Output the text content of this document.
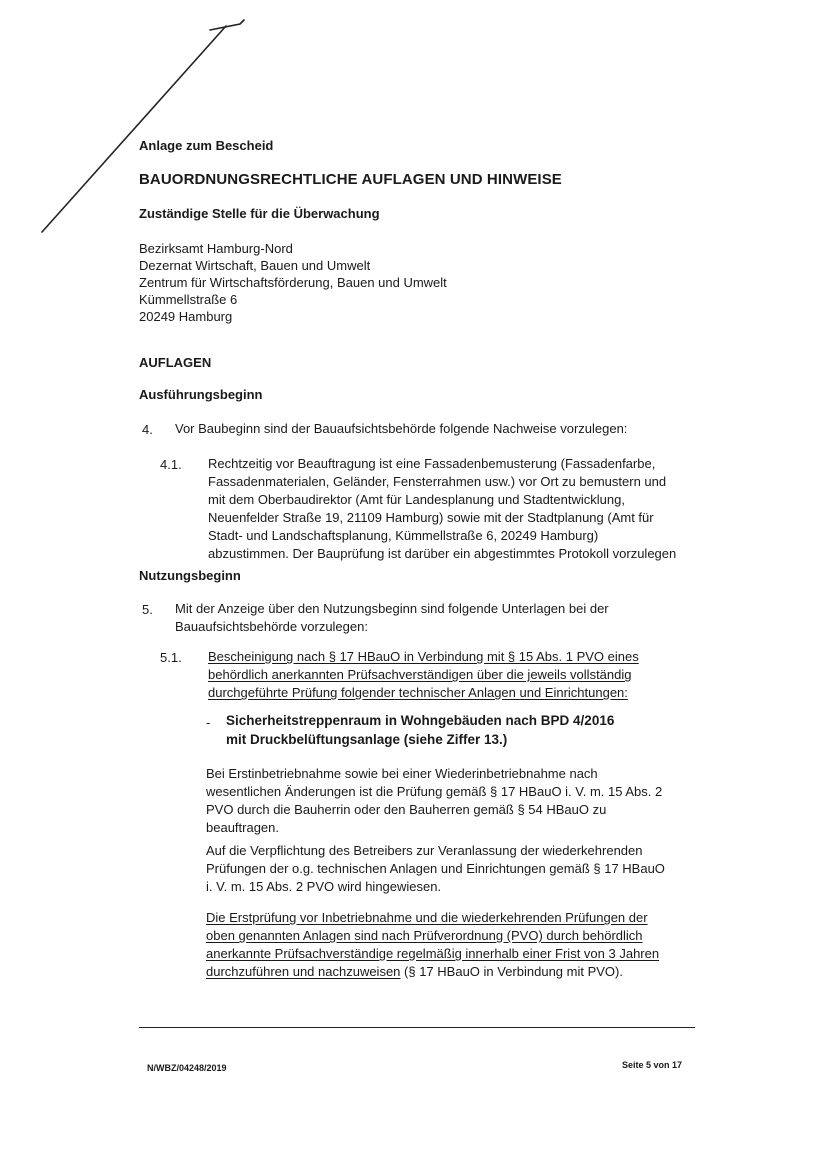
Anlage zum Bescheid
BAUORDNUNGSRECHTLICHE AUFLAGEN UND HINWEISE
Zuständige Stelle für die Überwachung
Bezirksamt Hamburg-Nord
Dezernat Wirtschaft, Bauen und Umwelt
Zentrum für Wirtschaftsförderung, Bauen und Umwelt
Kümmellstraße 6
20249 Hamburg
AUFLAGEN
Ausführungsbeginn
4. Vor Baubeginn sind der Bauaufsichtsbehörde folgende Nachweise vorzulegen:
4.1. Rechtzeitig vor Beauftragung ist eine Fassadenbemusterung (Fassadenfarbe,
Fassadenmaterialen, Geländer, Fensterrahmen usw.) vor Ort zu bemustern und
mit dem Oberbaudirektor (Amt für Landesplanung und Stadtentwicklung,
Neuenfelder Straße 19, 21109 Hamburg) sowie mit der Stadtplanung (Amt für
Stadt- und Landschaftsplanung, Kümmellstraße 6, 20249 Hamburg)
abzustimmen. Der Bauprüfung ist darüber ein abgestimmtes Protokoll vorzulegen
Nutzungsbeginn
5. Mit der Anzeige über den Nutzungsbeginn sind folgende Unterlagen bei der
Bauaufsichtsbehörde vorzulegen:
5.1. Bescheinigung nach § 17 HBauO in Verbindung mit § 15 Abs. 1 PVO eines
behördlich anerkannten Prüfsachverständigen über die jeweils vollständig
durchgeführte Prüfung folgender technischer Anlagen und Einrichtungen:
- Sicherheitstreppenraum in Wohngebäuden nach BPD 4/2016
mit Druckbelüftungsanlage (siehe Ziffer 13.)
Bei Erstinbetriebnahme sowie bei einer Wiederinbetriebnahme nach
wesentlichen Änderungen ist die Prüfung gemäß § 17 HBauO i. V. m. 15 Abs. 2
PVO durch die Bauherrin oder den Bauherren gemäß § 54 HBauO zu
beauftragen.
Auf die Verpflichtung des Betreibers zur Veranlassung der wiederkehrenden
Prüfungen der o.g. technischen Anlagen und Einrichtungen gemäß § 17 HBauO
i. V. m. 15 Abs. 2 PVO wird hingewiesen.
Die Erstprüfung vor Inbetriebnahme und die wiederkehrenden Prüfungen der
oben genannten Anlagen sind nach Prüfverordnung (PVO) durch behördlich
anerkannte Prüfsachverständige regelmäßig innerhalb einer Frist von 3 Jahren
durchzuführen und nachzuweisen (§ 17 HBauO in Verbindung mit PVO).
N/WBZ/04248/2019	Seite 5 von 17
